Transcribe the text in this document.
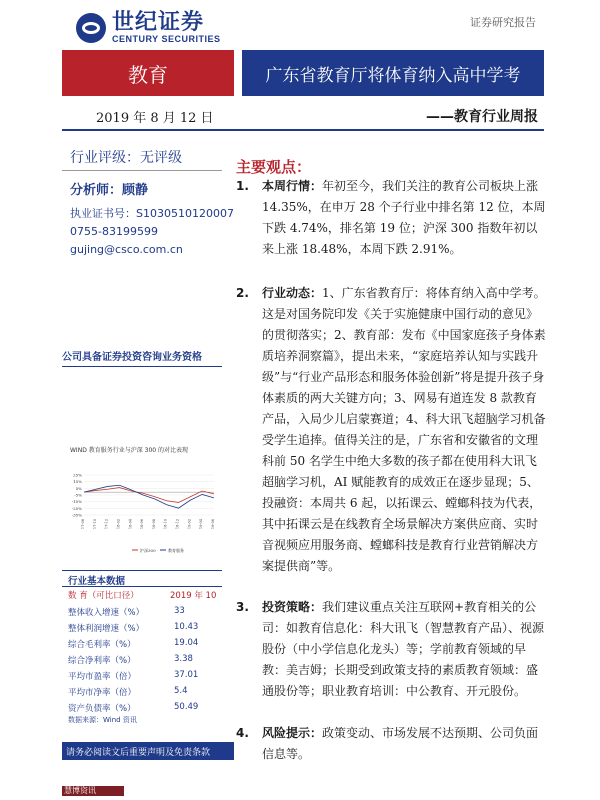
世纪证券
CENTURY SECURITIES
证券研究报告
教育	广东省教育厅将体育纳入高中学考
2019 年 8 月 12 日	——教育行业周报
行业评级：无评级
分析师：顾静
执业证书号：S1030510120007
0755-83199599
gujing@csco.com.cn
公司具备证券投资咨询业务资格
WIND 教育服务行业与沪深 300 的对比表现
25%
15%
5%
-5%
-15%
-25%
-35%
17-08 17-10 17-12 18-02 18-04 18-06 18-08 18-10 18-12 19-02 19-04 19-06
沪深300	教育服务
行业基本数据
数 育（可比口径）	2019 年 10
整体收入增速（%）	33
整体利润增速（%）	10.43
综合毛利率（%）	19.04
综合净利率（%）	3.38
平均市盈率（倍）	37.01
平均市净率（倍）	5.4
资产负债率（%）	50.49
数据来源：Wind 资讯
请务必阅读文后重要声明及免责条款
慧博资讯
主要观点：
1. 本周行情：年初至今，我们关注的教育公司板块上涨 14.35%，在申万 28 个子行业中排名第 12 位，本周下跌 4.74%，排名第 19 位；沪深 300 指数年初以来上涨 18.48%，本周下跌 2.91%。
2. 行业动态：1、广东省教育厅：将体育纳入高中学考。这是对国务院印发《关于实施健康中国行动的意见》的贯彻落实；2、教育部：发布《中国家庭孩子身体素质培养洞察篇》，提出未来，“家庭培养认知与实践升级”与“行业产品形态和服务体验创新”将是提升孩子身体素质的两大关键方向；3、网易有道连发 8 款教育产品，入局少儿启蒙赛道；4、科大讯飞超脑学习机备受学生追捧。值得关注的是，广东省和安徽省的文理科前 50 名学生中绝大多数的孩子都在使用科大讯飞超脑学习机，AI 赋能教育的成效正在逐步显现；5、投融资：本周共 6 起，以拓课云、螳螂科技为代表，其中拓课云是在线教育全场景解决方案供应商、实时音视频应用服务商、螳螂科技是教育行业营销解决方案提供商”等。
3. 投资策略：我们建议重点关注互联网+教育相关的公司：如教育信息化：科大讯飞（智慧教育产品）、视源股份（中小学信息化龙头）等；学前教育领域的早教：美吉姆；长期受到政策支持的素质教育领域：盛通股份等；职业教育培训：中公教育、开元股份。
4. 风险提示：政策变动、市场发展不达预期、公司负面信息等。
